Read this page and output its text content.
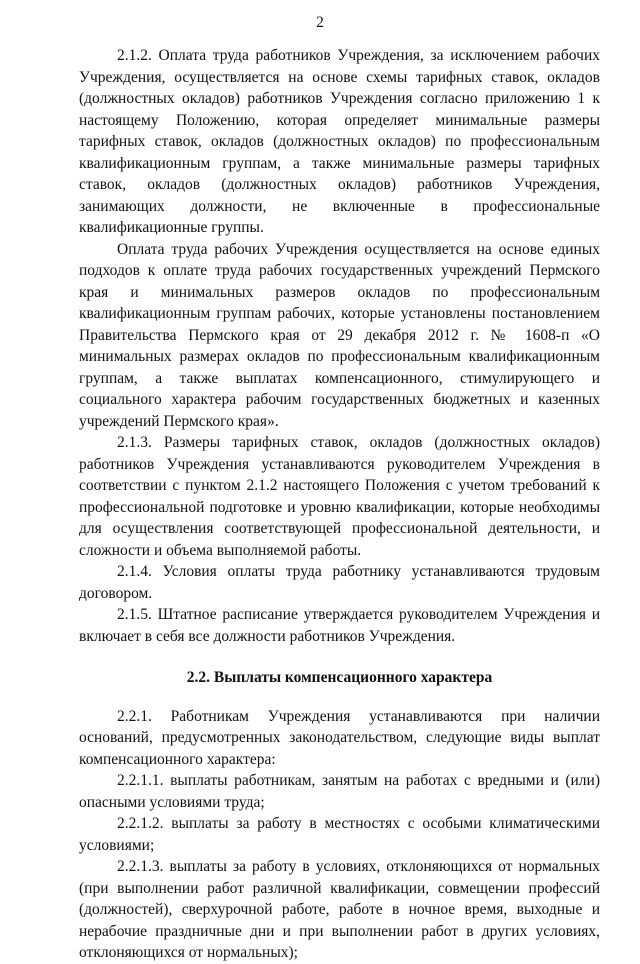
2

2.1.2. Оплата труда работников Учреждения, за исключением рабочих Учреждения, осуществляется на основе схемы тарифных ставок, окладов (должностных окладов) работников Учреждения согласно приложению 1 к настоящему Положению, которая определяет минимальные размеры тарифных ставок, окладов (должностных окладов) по профессиональным квалификационным группам, а также минимальные размеры тарифных ставок, окладов (должностных окладов) работников Учреждения, занимающих должности, не включенные в профессиональные квалификационные группы.

Оплата труда рабочих Учреждения осуществляется на основе единых подходов к оплате труда рабочих государственных учреждений Пермского края и минимальных размеров окладов по профессиональным квалификационным группам рабочих, которые установлены постановлением Правительства Пермского края от 29 декабря 2012 г. № 1608-п «О минимальных размерах окладов по профессиональным квалификационным группам, а также выплатах компенсационного, стимулирующего и социального характера рабочим государственных бюджетных и казенных учреждений Пермского края».

2.1.3. Размеры тарифных ставок, окладов (должностных окладов) работников Учреждения устанавливаются руководителем Учреждения в соответствии с пунктом 2.1.2 настоящего Положения с учетом требований к профессиональной подготовке и уровню квалификации, которые необходимы для осуществления соответствующей профессиональной деятельности, и сложности и объема выполняемой работы.

2.1.4. Условия оплаты труда работнику устанавливаются трудовым договором.

2.1.5. Штатное расписание утверждается руководителем Учреждения и включает в себя все должности работников Учреждения.

2.2. Выплаты компенсационного характера

2.2.1. Работникам Учреждения устанавливаются при наличии оснований, предусмотренных законодательством, следующие виды выплат компенсационного характера:

2.2.1.1. выплаты работникам, занятым на работах с вредными и (или) опасными условиями труда;

2.2.1.2. выплаты за работу в местностях с особыми климатическими условиями;

2.2.1.3. выплаты за работу в условиях, отклоняющихся от нормальных (при выполнении работ различной квалификации, совмещении профессий (должностей), сверхурочной работе, работе в ночное время, выходные и нерабочие праздничные дни и при выполнении работ в других условиях, отклоняющихся от нормальных);
